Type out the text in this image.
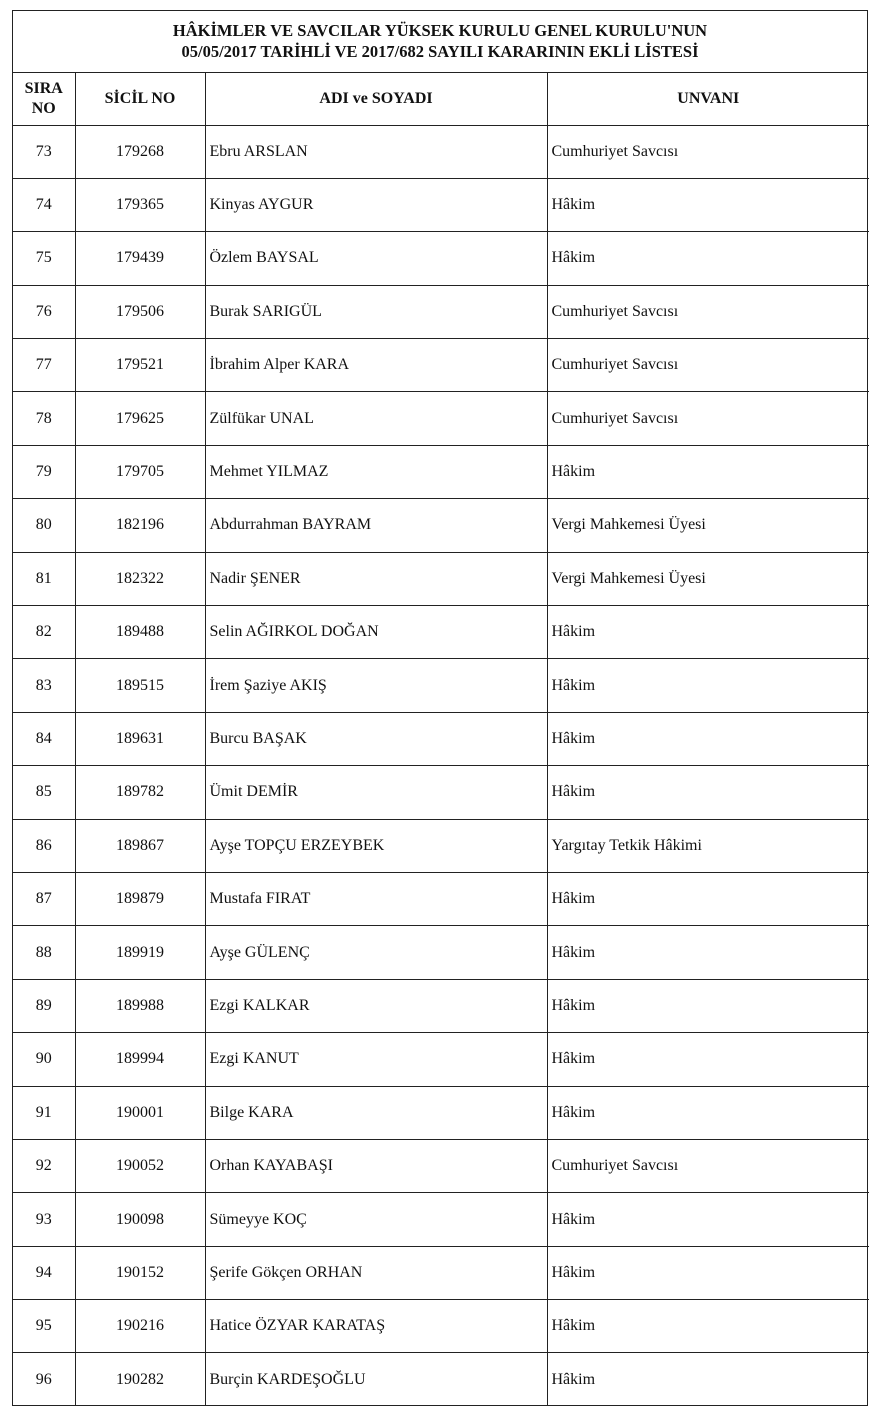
HÂKİMLER VE SAVCILAR YÜKSEK KURULU GENEL KURULU'NUN
05/05/2017 TARİHLİ VE 2017/682 SAYILI KARARININ EKLİ LİSTESİ
SIRA
NO	SİCİL NO	ADI ve SOYADI	UNVANI
73	179268	Ebru ARSLAN	Cumhuriyet Savcısı
74	179365	Kinyas AYGUR	Hâkim
75	179439	Özlem BAYSAL	Hâkim
76	179506	Burak SARIGÜL	Cumhuriyet Savcısı
77	179521	İbrahim Alper KARA	Cumhuriyet Savcısı
78	179625	Zülfükar UNAL	Cumhuriyet Savcısı
79	179705	Mehmet YILMAZ	Hâkim
80	182196	Abdurrahman BAYRAM	Vergi Mahkemesi Üyesi
81	182322	Nadir ŞENER	Vergi Mahkemesi Üyesi
82	189488	Selin AĞIRKOL DOĞAN	Hâkim
83	189515	İrem Şaziye AKIŞ	Hâkim
84	189631	Burcu BAŞAK	Hâkim
85	189782	Ümit DEMİR	Hâkim
86	189867	Ayşe TOPÇU ERZEYBEK	Yargıtay Tetkik Hâkimi
87	189879	Mustafa FIRAT	Hâkim
88	189919	Ayşe GÜLENÇ	Hâkim
89	189988	Ezgi KALKAR	Hâkim
90	189994	Ezgi KANUT	Hâkim
91	190001	Bilge KARA	Hâkim
92	190052	Orhan KAYABAŞI	Cumhuriyet Savcısı
93	190098	Sümeyye KOÇ	Hâkim
94	190152	Şerife Gökçen ORHAN	Hâkim
95	190216	Hatice ÖZYAR KARATAŞ	Hâkim
96	190282	Burçin KARDEŞOĞLU	Hâkim
